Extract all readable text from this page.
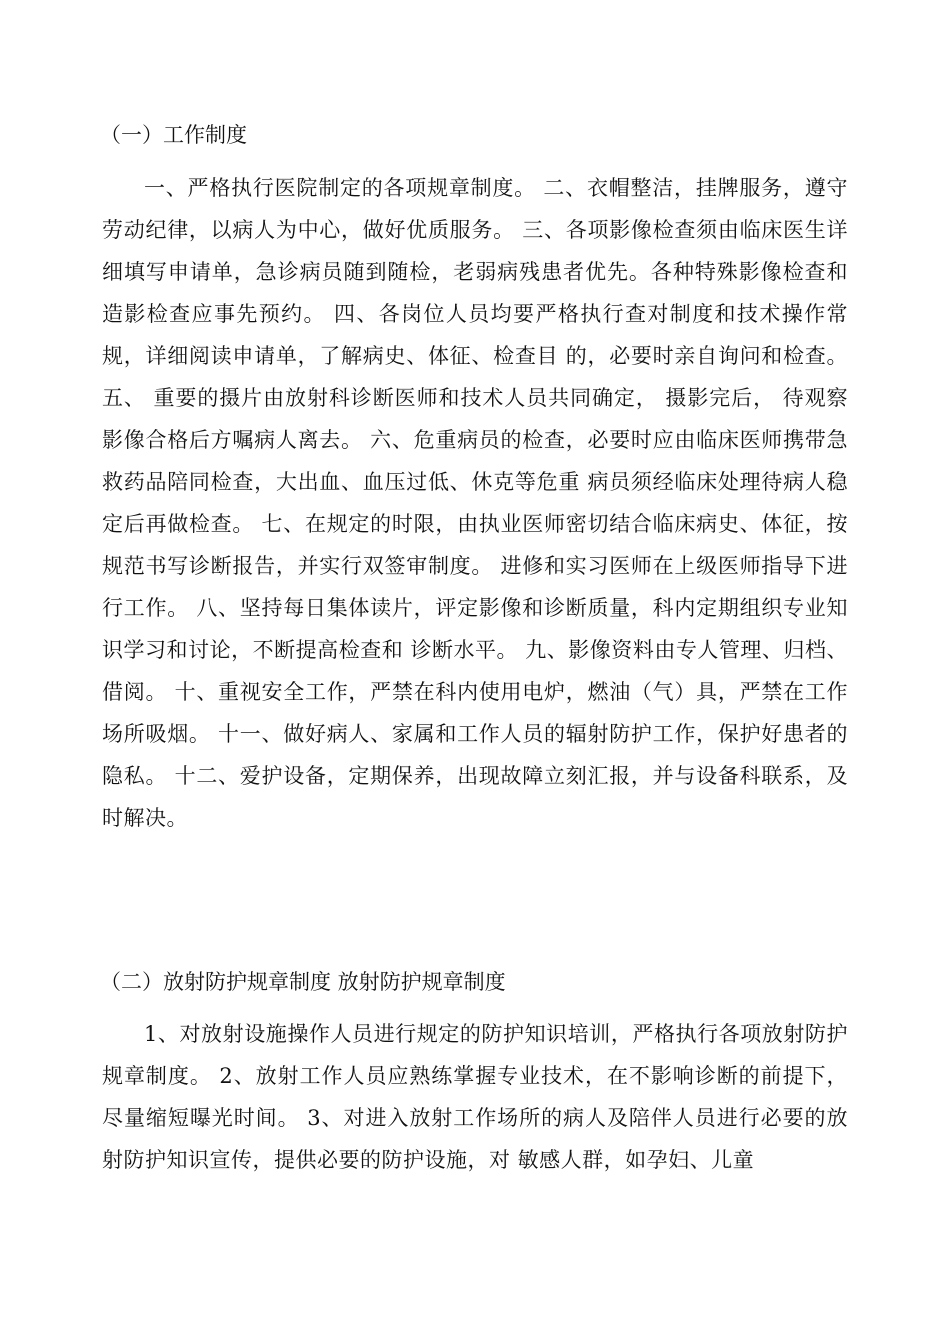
（一）工作制度

一、严格执行医院制定的各项规章制度。 二、衣帽整洁，挂牌服务，遵守劳动纪律，以病人为中心，做好优质服务。 三、各项影像检查须由临床医生详细填写申请单，急诊病员随到随检，老弱病残患者优先。各种特殊影像检查和造影检查应事先预约。 四、各岗位人员均要严格执行查对制度和技术操作常规，详细阅读申请单，了解病史、体征、检查目 的，必要时亲自询问和检查。 五、 重要的摄片由放射科诊断医师和技术人员共同确定， 摄影完后， 待观察影像合格后方嘱病人离去。 六、危重病员的检查，必要时应由临床医师携带急救药品陪同检查，大出血、血压过低、休克等危重 病员须经临床处理待病人稳定后再做检查。 七、在规定的时限，由执业医师密切结合临床病史、体征，按规范书写诊断报告，并实行双签审制度。 进修和实习医师在上级医师指导下进行工作。 八、坚持每日集体读片，评定影像和诊断质量，科内定期组织专业知识学习和讨论，不断提高检查和 诊断水平。 九、影像资料由专人管理、归档、借阅。 十、重视安全工作，严禁在科内使用电炉，燃油（气）具，严禁在工作场所吸烟。 十一、做好病人、家属和工作人员的辐射防护工作，保护好患者的隐私。 十二、爱护设备，定期保养，出现故障立刻汇报，并与设备科联系，及时解决。

（二）放射防护规章制度 放射防护规章制度

1、对放射设施操作人员进行规定的防护知识培训，严格执行各项放射防护规章制度。 2、放射工作人员应熟练掌握专业技术，在不影响诊断的前提下，尽量缩短曝光时间。 3、对进入放射工作场所的病人及陪伴人员进行必要的放射防护知识宣传，提供必要的防护设施，对 敏感人群，如孕妇、儿童
